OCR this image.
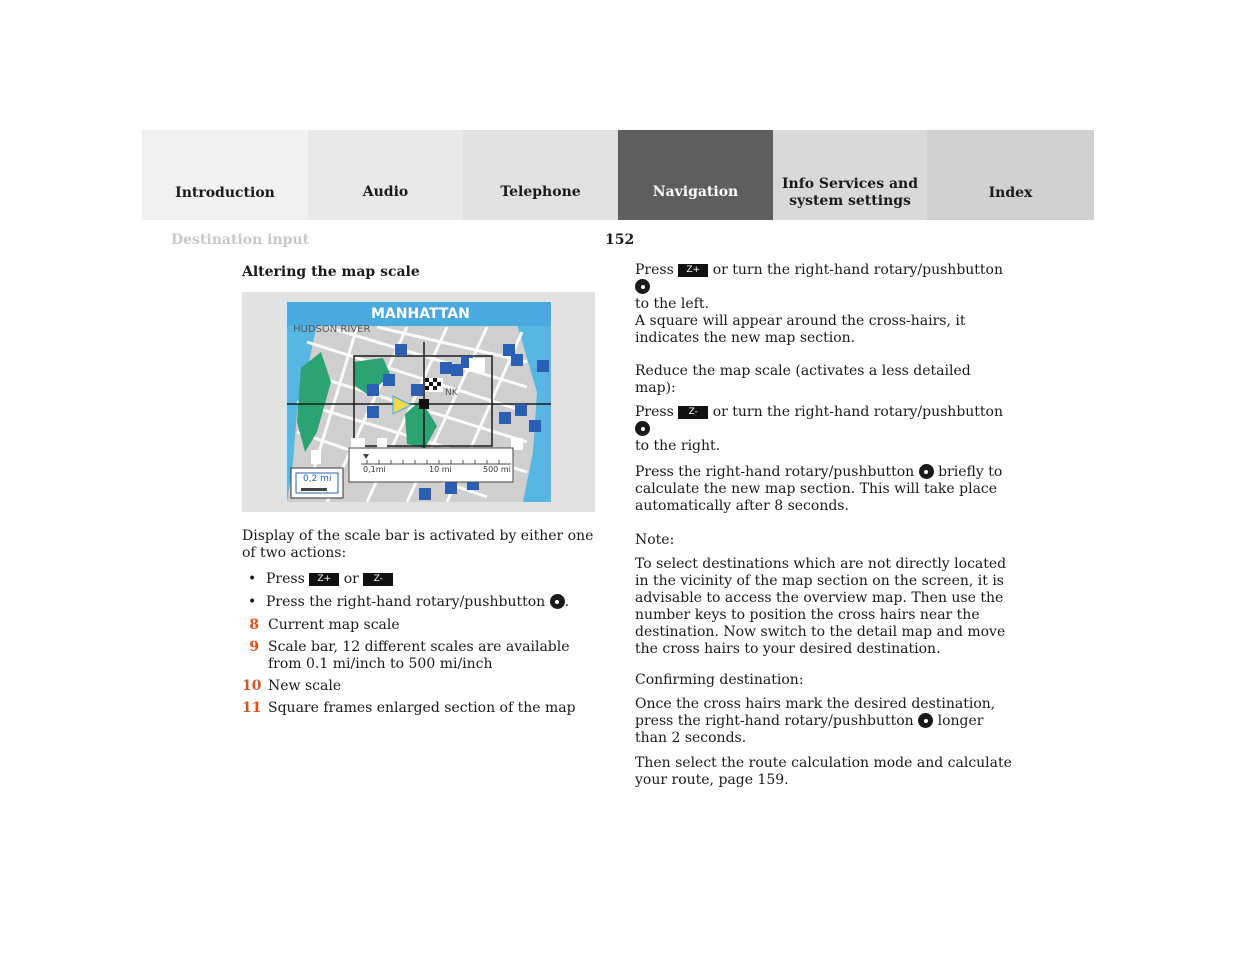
Introduction	Audio	Telephone	Navigation	Info Services and system settings	Index
Destination input	152
Altering the map scale
MANHATTAN
HUDSON RIVER
NK
0,2 mi
0,1mi	10 mi	500 mi

Display of the scale bar is activated by either one of two actions:

• Press Z+ or Z-
• Press the right-hand rotary/pushbutton .
8 Current map scale
9 Scale bar, 12 different scales are available from 0.1 mi/inch to 500 mi/inch
10 New scale
11 Square frames enlarged section of the map

Press Z+ or turn the right-hand rotary/pushbutton
to the left.

A square will appear around the cross-hairs, it indicates the new map section.

Reduce the map scale (activates a less detailed map):

Press Z- or turn the right-hand rotary/pushbutton
to the right.

Press the right-hand rotary/pushbutton briefly to calculate the new map section. This will take place automatically after 8 seconds.

Note:

To select destinations which are not directly located in the vicinity of the map section on the screen, it is advisable to access the overview map. Then use the number keys to position the cross hairs near the destination. Now switch to the detail map and move the cross hairs to your desired destination.

Confirming destination:

Once the cross hairs mark the desired destination, press the right-hand rotary/pushbutton longer than 2 seconds.

Then select the route calculation mode and calculate your route, page 159.
